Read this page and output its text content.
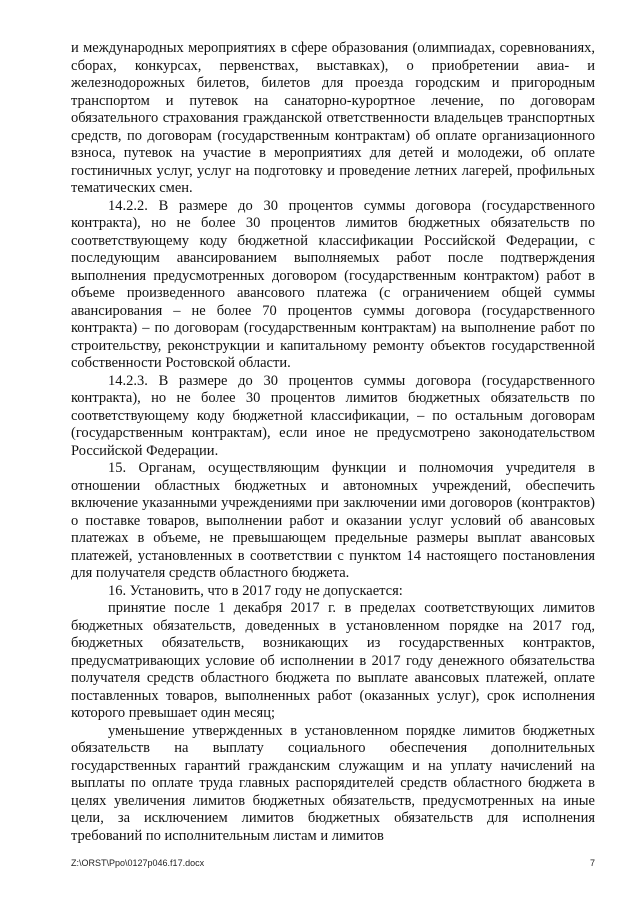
и международных мероприятиях в сфере образования (олимпиадах, соревнованиях, сборах, конкурсах, первенствах, выставках), о приобретении авиа- и железнодорожных билетов, билетов для проезда городским и пригородным транспортом и путевок на санаторно-курортное лечение, по договорам обязательного страхования гражданской ответственности владельцев транспортных средств, по договорам (государственным контрактам) об оплате организационного взноса, путевок на участие в мероприятиях для детей и молодежи, об оплате гостиничных услуг, услуг на подготовку и проведение летних лагерей, профильных тематических смен.

14.2.2. В размере до 30 процентов суммы договора (государственного контракта), но не более 30 процентов лимитов бюджетных обязательств по соответствующему коду бюджетной классификации Российской Федерации, с последующим авансированием выполняемых работ после подтверждения выполнения предусмотренных договором (государственным контрактом) работ в объеме произведенного авансового платежа (с ограничением общей суммы авансирования – не более 70 процентов суммы договора (государственного контракта) – по договорам (государственным контрактам) на выполнение работ по строительству, реконструкции и капитальному ремонту объектов государственной собственности Ростовской области.

14.2.3. В размере до 30 процентов суммы договора (государственного контракта), но не более 30 процентов лимитов бюджетных обязательств по соответствующему коду бюджетной классификации, – по остальным договорам (государственным контрактам), если иное не предусмотрено законодательством Российской Федерации.

15. Органам, осуществляющим функции и полномочия учредителя в отношении областных бюджетных и автономных учреждений, обеспечить включение указанными учреждениями при заключении ими договоров (контрактов) о поставке товаров, выполнении работ и оказании услуг условий об авансовых платежах в объеме, не превышающем предельные размеры выплат авансовых платежей, установленных в соответствии с пунктом 14 настоящего постановления для получателя средств областного бюджета.

16. Установить, что в 2017 году не допускается:

принятие после 1 декабря 2017 г. в пределах соответствующих лимитов бюджетных обязательств, доведенных в установленном порядке на 2017 год, бюджетных обязательств, возникающих из государственных контрактов, предусматривающих условие об исполнении в 2017 году денежного обязательства получателя средств областного бюджета по выплате авансовых платежей, оплате поставленных товаров, выполненных работ (оказанных услуг), срок исполнения которого превышает один месяц;

уменьшение утвержденных в установленном порядке лимитов бюджетных обязательств на выплату социального обеспечения дополнительных государственных гарантий гражданским служащим и на уплату начислений на выплаты по оплате труда главных распорядителей средств областного бюджета в целях увеличения лимитов бюджетных обязательств, предусмотренных на иные цели, за исключением лимитов бюджетных обязательств для исполнения требований по исполнительным листам и лимитов

Z:\ORST\Ppo\0127p046.f17.docx	7
